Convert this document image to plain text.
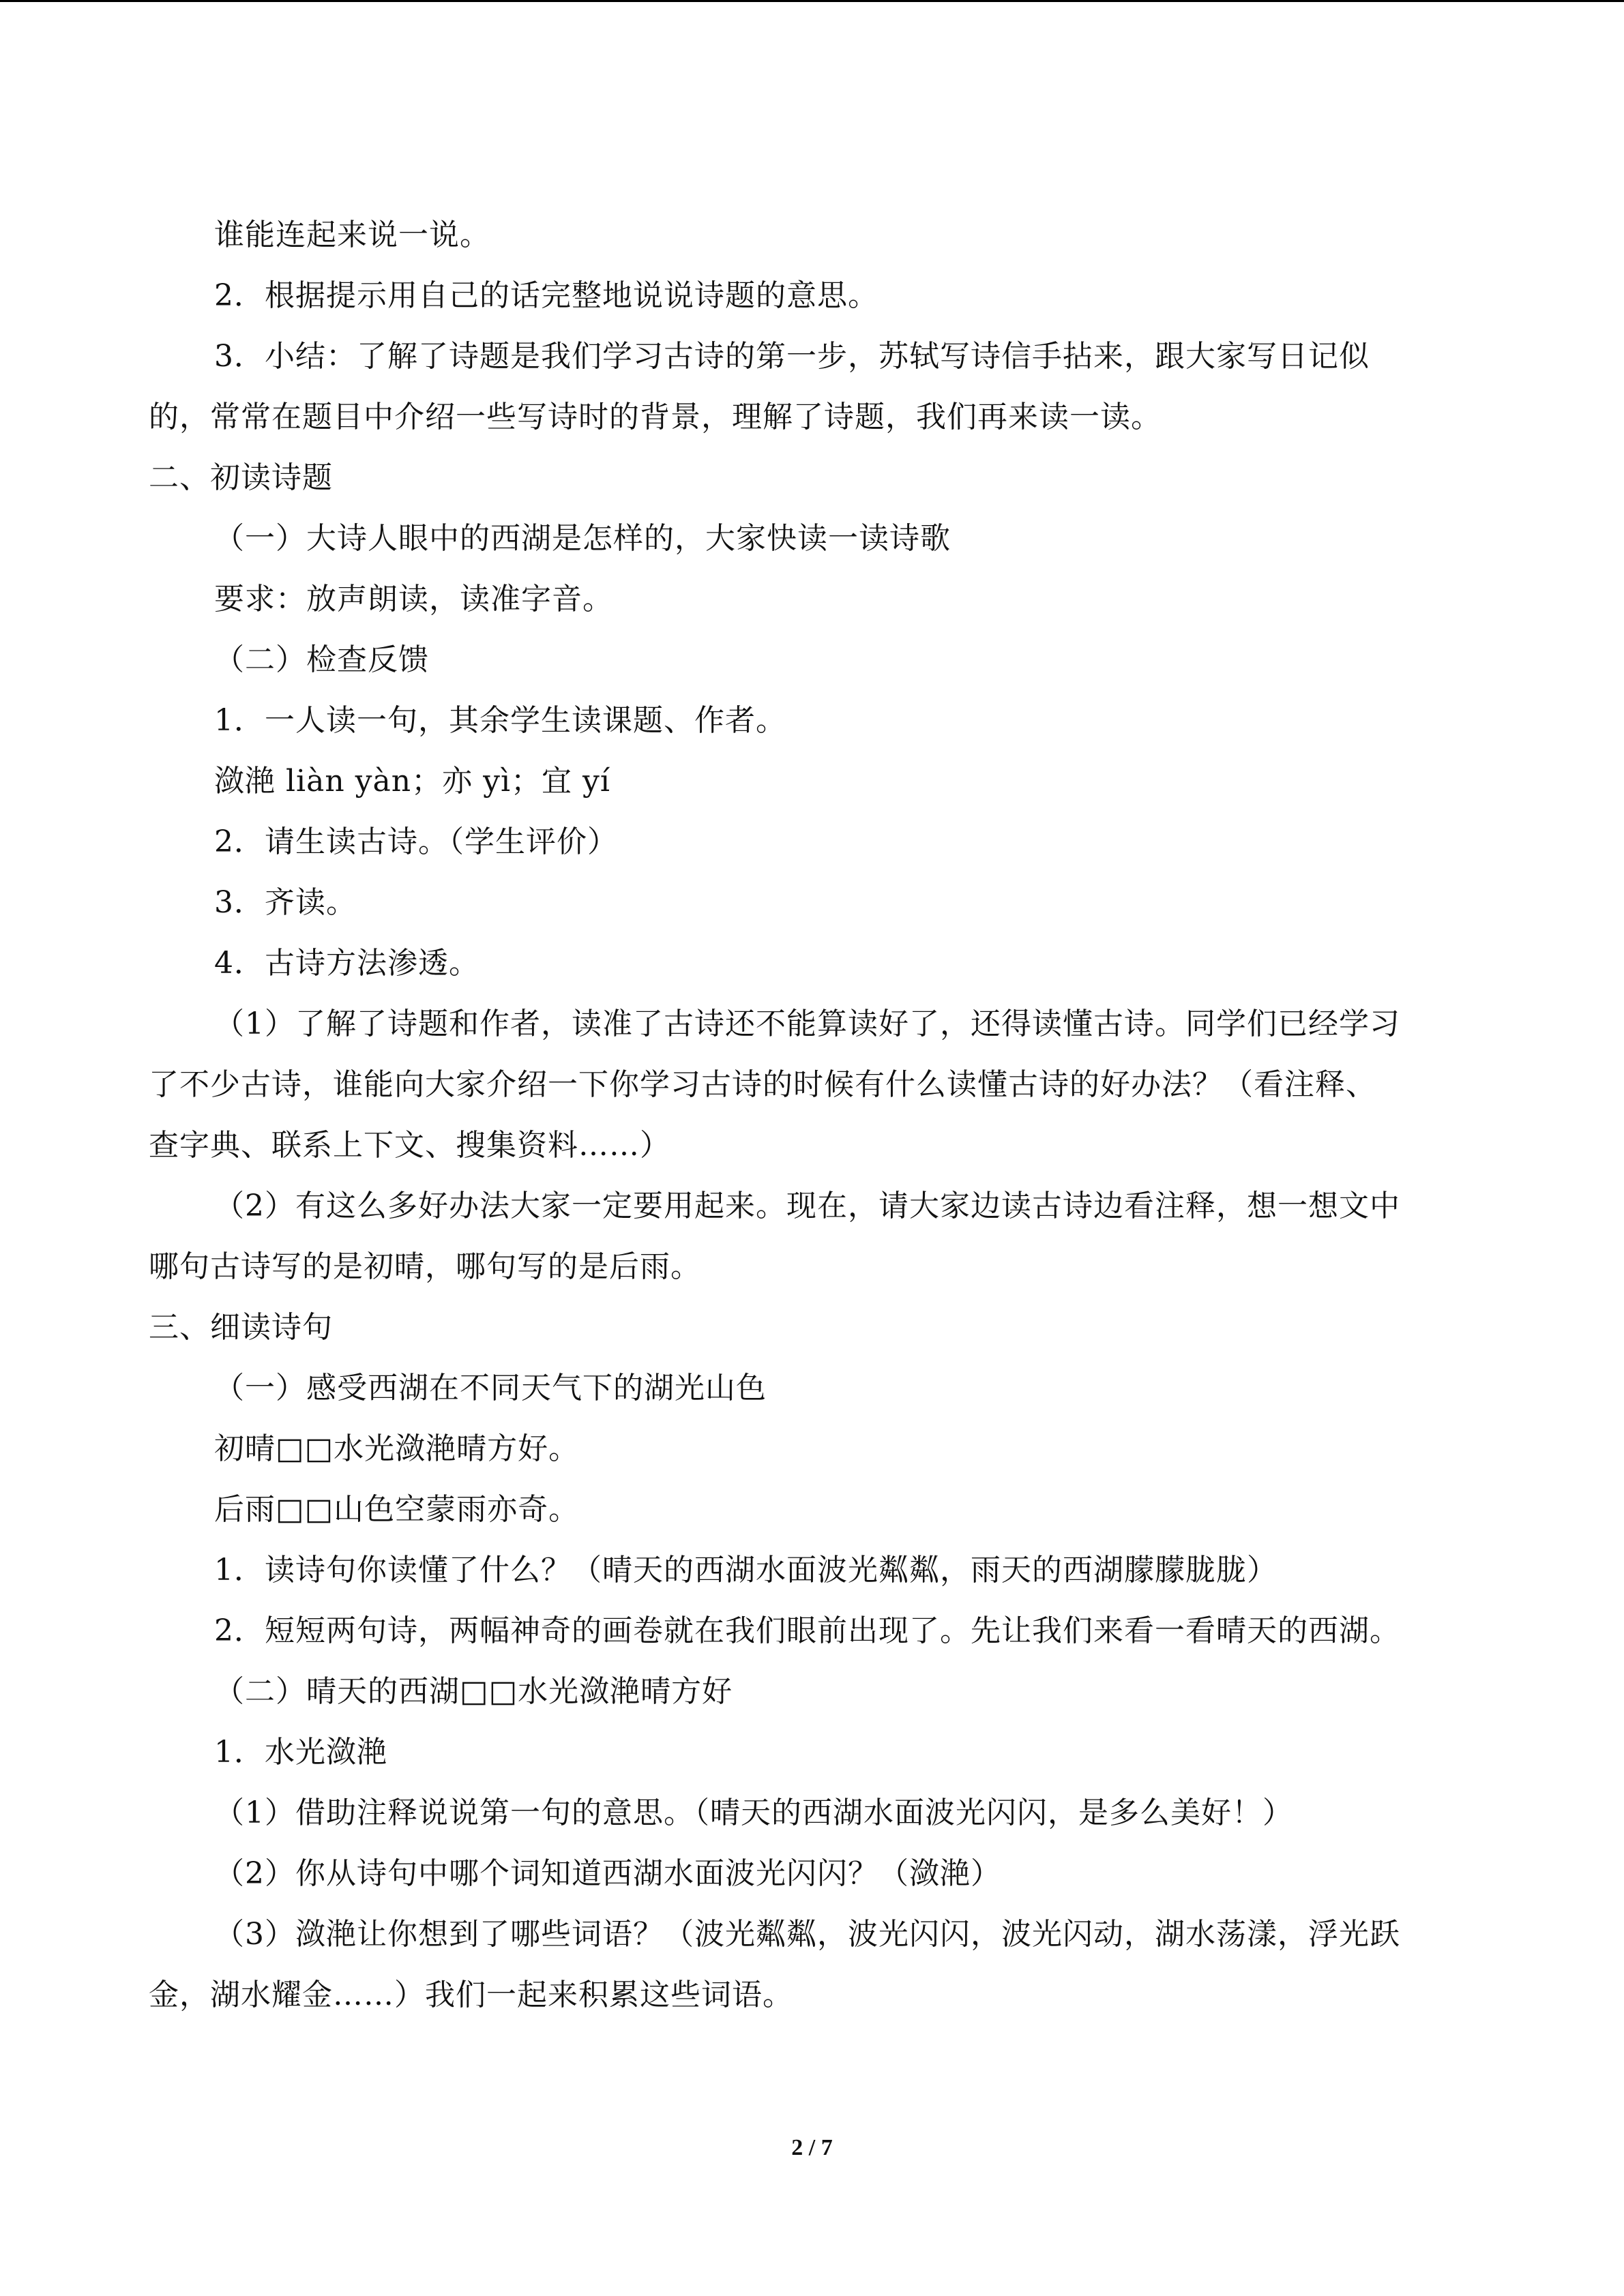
谁能连起来说一说。
2．根据提示用自己的话完整地说说诗题的意思。
3．小结：了解了诗题是我们学习古诗的第一步，苏轼写诗信手拈来，跟大家写日记似
的，常常在题目中介绍一些写诗时的背景，理解了诗题，我们再来读一读。
二、初读诗题
（一）大诗人眼中的西湖是怎样的，大家快读一读诗歌
要求：放声朗读，读准字音。
（二）检查反馈
1．一人读一句，其余学生读课题、作者。
潋滟 liàn yàn；亦 yì；宜 yí
2．请生读古诗。（学生评价）
3．齐读。
4．古诗方法渗透。
（1）了解了诗题和作者，读准了古诗还不能算读好了，还得读懂古诗。同学们已经学习
了不少古诗，谁能向大家介绍一下你学习古诗的时候有什么读懂古诗的好办法？（看注释、
查字典、联系上下文、搜集资料……）
（2）有这么多好办法大家一定要用起来。现在，请大家边读古诗边看注释，想一想文中
哪句古诗写的是初晴，哪句写的是后雨。
三、细读诗句
（一）感受西湖在不同天气下的湖光山色
初晴□□水光潋滟晴方好。
后雨□□山色空蒙雨亦奇。
1．读诗句你读懂了什么？（晴天的西湖水面波光粼粼，雨天的西湖朦朦胧胧）
2．短短两句诗，两幅神奇的画卷就在我们眼前出现了。先让我们来看一看晴天的西湖。
（二）晴天的西湖□□水光潋滟晴方好
1．水光潋滟
（1）借助注释说说第一句的意思。（晴天的西湖水面波光闪闪，是多么美好！）
（2）你从诗句中哪个词知道西湖水面波光闪闪？（潋滟）
（3）潋滟让你想到了哪些词语？（波光粼粼，波光闪闪，波光闪动，湖水荡漾，浮光跃
金，湖水耀金……）我们一起来积累这些词语。
2 / 7
